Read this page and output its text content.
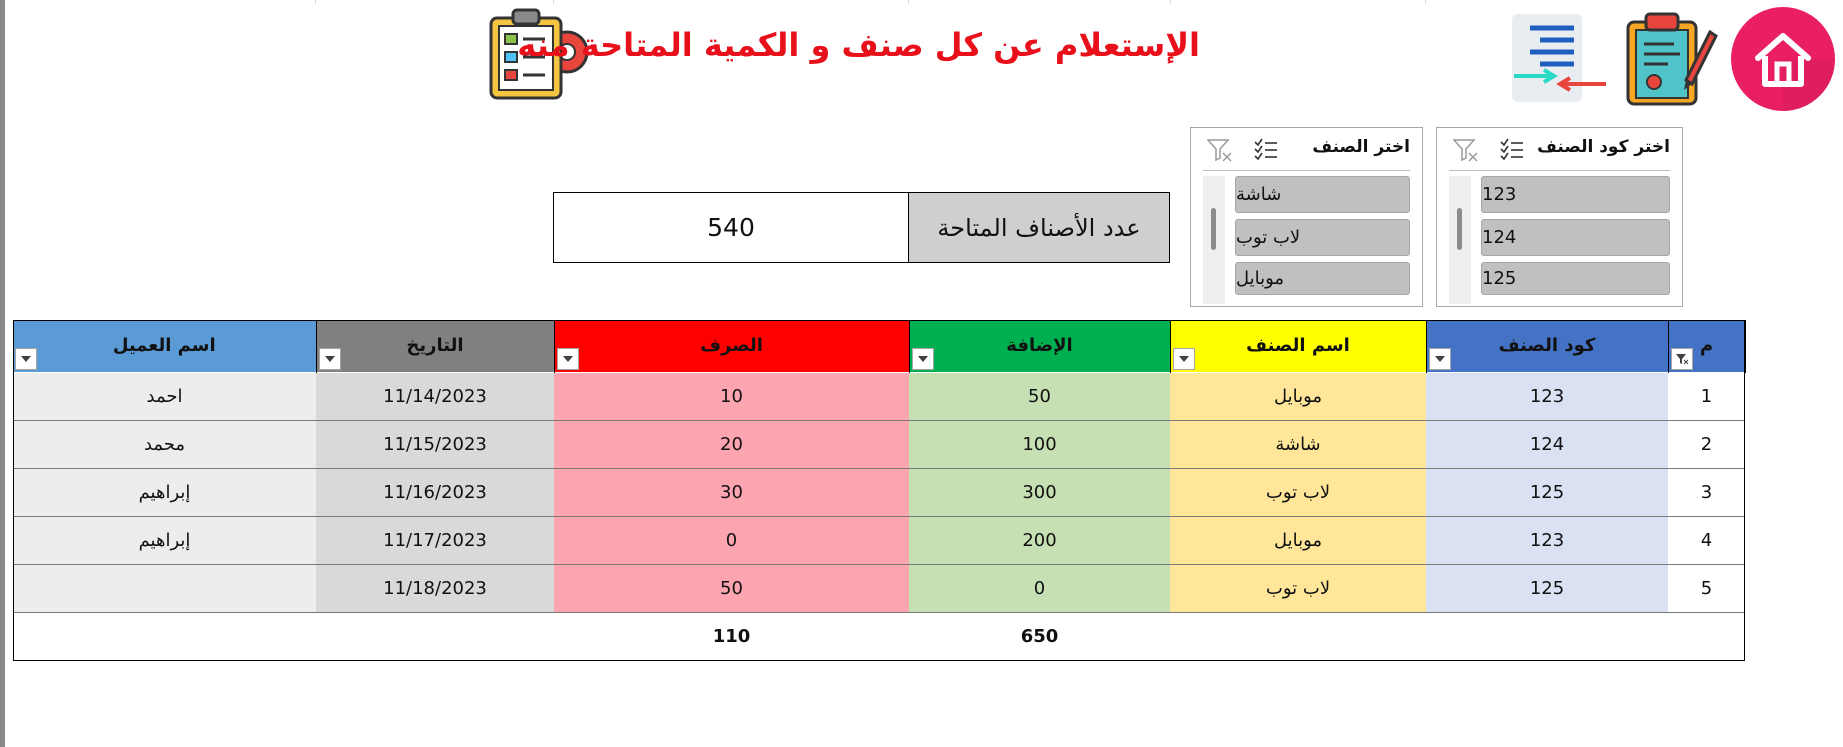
الإستعلام عن كل صنف و الكمية المتاحة منه
540	عدد الأصناف المتاحة
اختر كود الصنف
123
124
125
اختر الصنف
شاشة
لاب توب
موبايل
م	كود الصنف	اسم الصنف	الإضافة	الصرف	التاريخ	اسم العميل

1	123	موبايل	50	10	11/14/2023	احمد
2	124	شاشة	100	20	11/15/2023	محمد
3	125	لاب توب	300	30	11/16/2023	إبراهيم
4	123	موبايل	200	0	11/17/2023	إبراهيم
5	125	لاب توب	0	50	11/18/2023	
			650	110		
